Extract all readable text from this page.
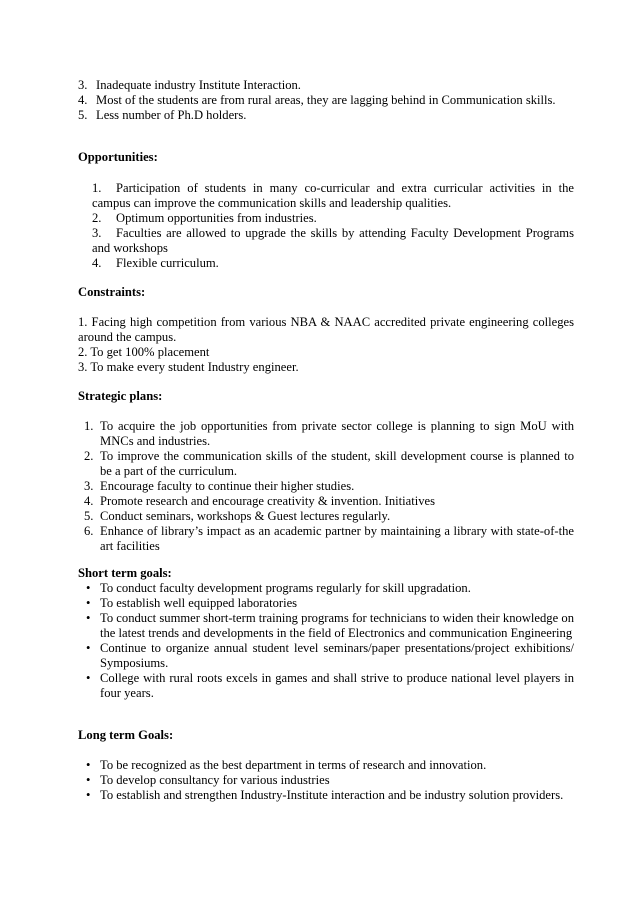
3. Inadequate industry Institute Interaction.
4. Most of the students are from rural areas, they are lagging behind in Communication skills.
5. Less number of Ph.D holders.
Opportunities:
1. Participation of students in many co-curricular and extra curricular activities in the campus can improve the communication skills and leadership qualities.
2. Optimum opportunities from industries.
3. Faculties are allowed to upgrade the skills by attending Faculty Development Programs and workshops
4. Flexible curriculum.
Constraints:

1. Facing high competition from various NBA & NAAC accredited private engineering colleges around the campus.

2. To get 100% placement

3. To make every student Industry engineer.

Strategic plans:
1. To acquire the job opportunities from private sector college is planning to sign MoU with MNCs and industries.
2. To improve the communication skills of the student, skill development course is planned to be a part of the curriculum.
3. Encourage faculty to continue their higher studies.
4. Promote research and encourage creativity & invention. Initiatives
5. Conduct seminars, workshops & Guest lectures regularly.
6. Enhance of library’s impact as an academic partner by maintaining a library with state-of-the art facilities
Short term goals:
• To conduct faculty development programs regularly for skill upgradation.
• To establish well equipped laboratories
• To conduct summer short-term training programs for technicians to widen their knowledge on the latest trends and developments in the field of Electronics and communication Engineering
• Continue to organize annual student level seminars/paper presentations/project exhibitions/ Symposiums.
• College with rural roots excels in games and shall strive to produce national level players in four years.
Long term Goals:
• To be recognized as the best department in terms of research and innovation.
• To develop consultancy for various industries
• To establish and strengthen Industry-Institute interaction and be industry solution providers.
